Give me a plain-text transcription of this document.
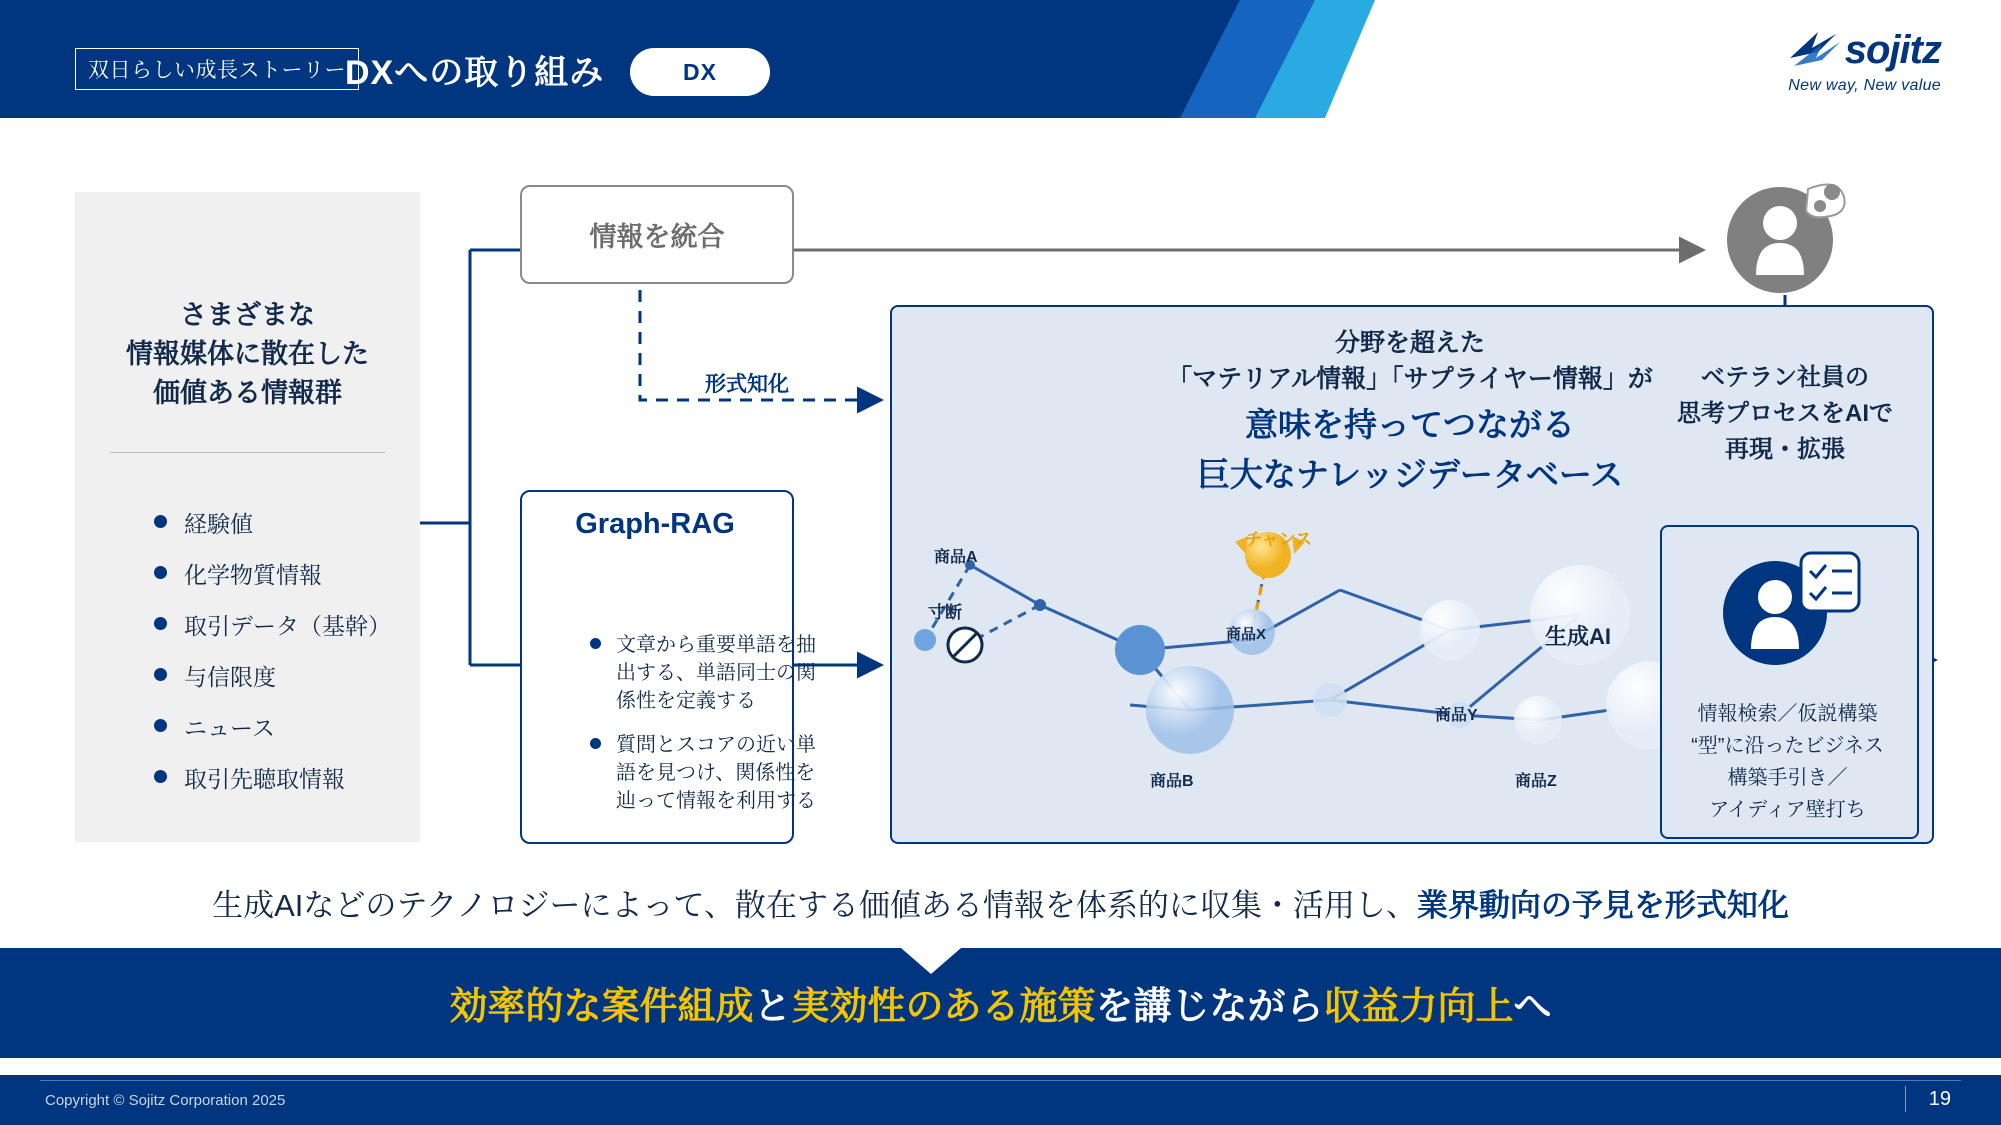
双日らしい成長ストーリー DXへの取り組み	DX	sojitz
New way, New value
さまざまな
情報媒体に散在した
価値ある情報群
経験値
化学物質情報
取引データ（基幹）
与信限度
ニュース
取引先聴取情報
情報を統合
形式知化
Graph-RAG
文章から重要単語を抽出する、単語同士の関係性を定義する
質問とスコアの近い単語を見つけ、関係性を辿って情報を利用する
分野を超えた
「マテリアル情報」「サプライヤー情報」が
意味を持ってつながる
巨大なナレッジデータベース
チャンス
寸断
商品A
商品B
商品X
商品Y
商品Z
ベテラン社員の
思考プロセスをAIで
再現・拡張
生成AI
情報検索／仮説構築
“型”に沿ったビジネス
構築手引き／
アイディア壁打ち
生成AIなどのテクノロジーによって、散在する価値ある情報を体系的に収集・活用し、業界動向の予見を形式知化
効率的な案件組成と実効性のある施策を講じながら収益力向上へ
Copyright © Sojitz Corporation 2025	19
